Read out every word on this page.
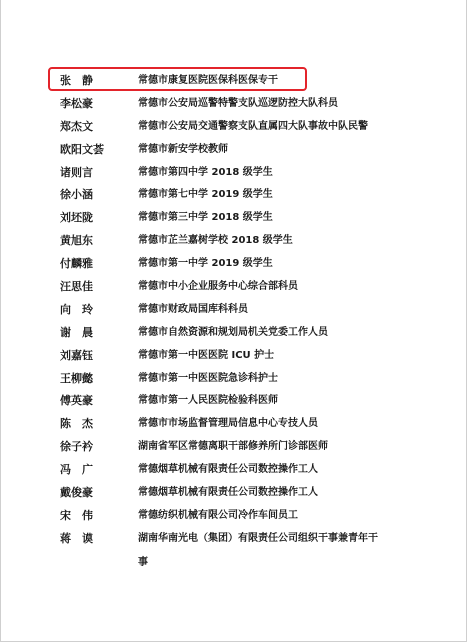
张　静	常德市康复医院医保科医保专干
李松豪	常德市公安局巡警特警支队巡逻防控大队科员
郑杰文	常德市公安局交通警察支队直属四大队事故中队民警
欧阳文荟	常德市新安学校教师
诸则言	常德市第四中学 2018 级学生
徐小涵	常德市第七中学 2019 级学生
刘坯陇	常德市第三中学 2018 级学生
黄旭东	常德市芷兰嘉树学校 2018 级学生
付麟雅	常德市第一中学 2019 级学生
汪思佳	常德市中小企业服务中心综合部科员
向　玲	常德市财政局国库科科员
谢　晨	常德市自然资源和规划局机关党委工作人员
刘嘉钰	常德市第一中医医院 ICU 护士
王柳懿	常德市第一中医医院急诊科护士
傅英豪	常德市第一人民医院检验科医师
陈　杰	常德市市场监督管理局信息中心专技人员
徐子衿	湖南省军区常德离职干部修养所门诊部医师
冯　广	常德烟草机械有限责任公司数控操作工人
戴俊豪	常德烟草机械有限责任公司数控操作工人
宋　伟	常德纺织机械有限公司冷作车间员工
蒋　谟	湖南华南光电（集团）有限责任公司组织干事兼青年干
事
